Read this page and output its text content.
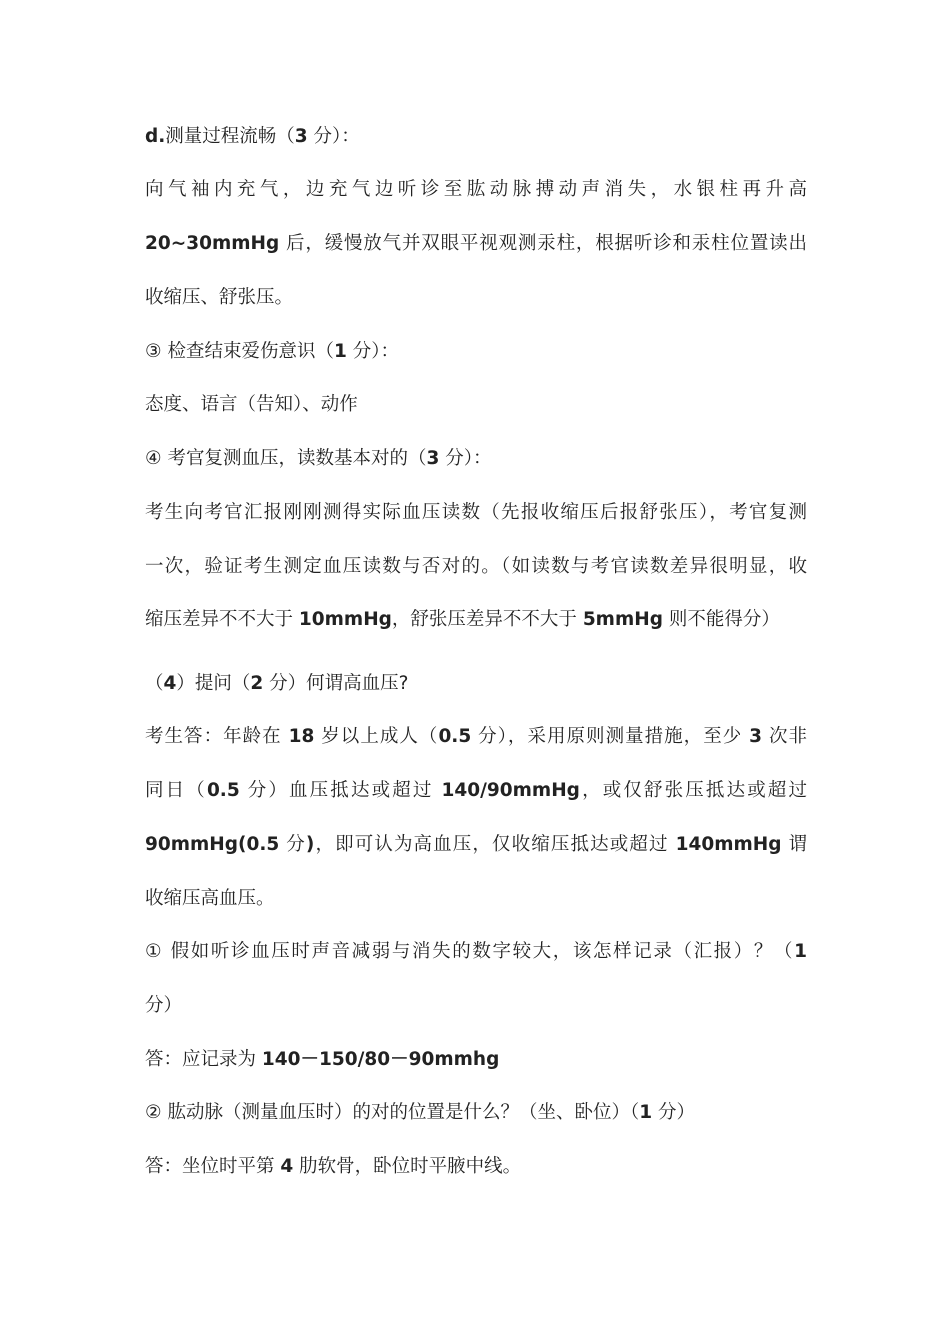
d.测量过程流畅（3 分）：
向气袖内充气，边充气边听诊至肱动脉搏动声消失，水银柱再升高
20~30mmHg 后，缓慢放气并双眼平视观测汞柱，根据听诊和汞柱位置读出
收缩压、舒张压。
③ 检查结束爱伤意识（1 分）：
态度、语言（告知）、动作
④ 考官复测血压，读数基本对的（3 分）：
考生向考官汇报刚刚测得实际血压读数（先报收缩压后报舒张压），考官复测
一次，验证考生测定血压读数与否对的。（如读数与考官读数差异很明显，收
缩压差异不不大于 10mmHg，舒张压差异不不大于 5mmHg 则不能得分）
（4）提问（2 分）何谓高血压?
考生答：年龄在 18 岁以上成人（0.5 分），采用原则测量措施，至少 3 次非
同日（0.5 分）血压抵达或超过 140/90mmHg，或仅舒张压抵达或超过
90mmHg(0.5 分)，即可认为高血压，仅收缩压抵达或超过 140mmHg 谓
收缩压高血压。
① 假如听诊血压时声音减弱与消失的数字较大，该怎样记录（汇报）？（1
分）
答：应记录为 140－150/80－90mmhg
② 肱动脉（测量血压时）的对的位置是什么？（坐、卧位）（1 分）
答：坐位时平第 4 肋软骨，卧位时平腋中线。
